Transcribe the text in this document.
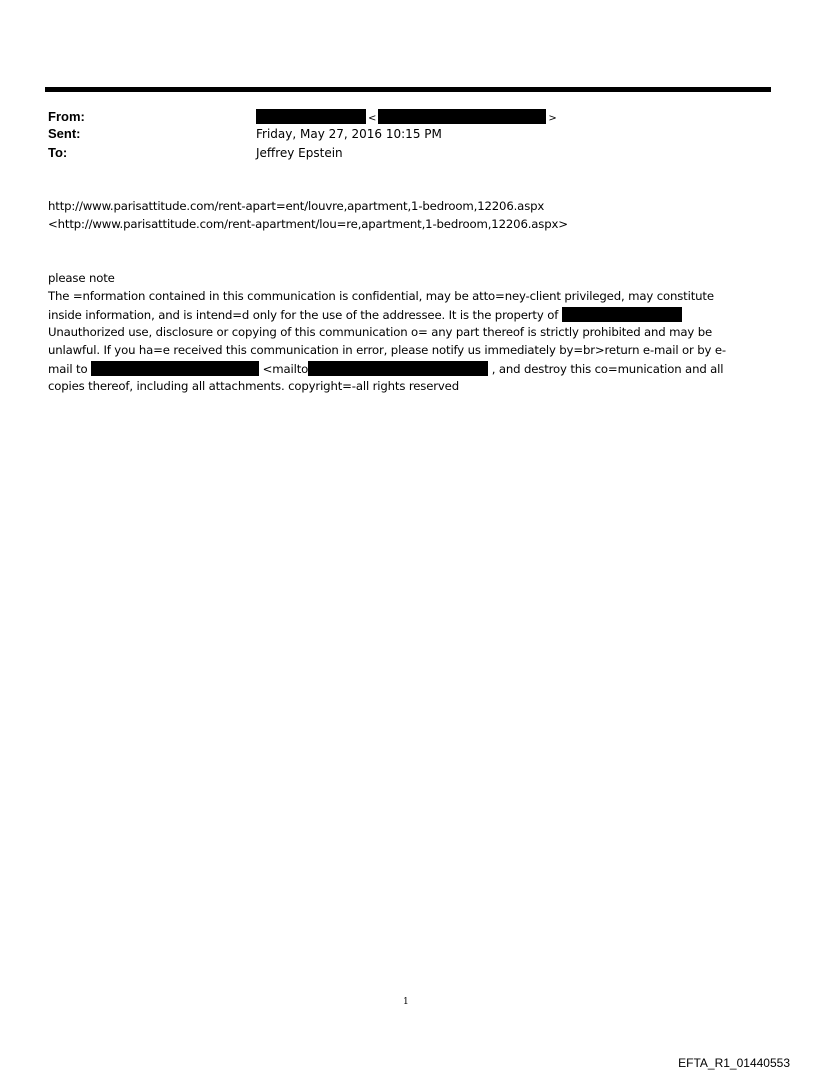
From:	<	>
Sent:	Friday, May 27, 2016 10:15 PM
To:	Jeffrey Epstein
http://www.parisattitude.com/rent-apart=ent/louvre,apartment,1-bedroom,12206.aspx
<http://www.parisattitude.com/rent-apartment/lou=re,apartment,1-bedroom,12206.aspx>
please note
The =nformation contained in this communication is confidential, may be atto=ney-client privileged, may constitute
inside information, and is intend=d only for the use of the addressee. It is the property of
Unauthorized use, disclosure or copying of this communication o= any part thereof is strictly prohibited and may be
unlawful. If you ha=e received this communication in error, please notify us immediately by=br>return e-mail or by e-
mail to	<mailto	, and destroy this co=munication and all
copies thereof, including all attachments. copyright=-all rights reserved
1
EFTA_R1_01440553
